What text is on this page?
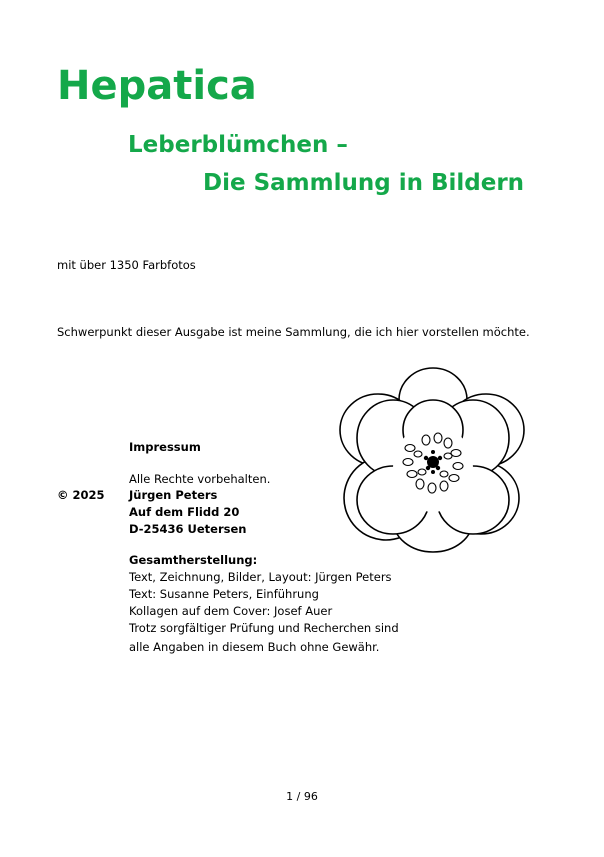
Hepatica
Leberblümchen –
Die Sammlung in Bildern
mit über 1350 Farbfotos
Schwerpunkt dieser Ausgabe ist meine Sammlung, die ich hier vorstellen möchte.
Impressum
Alle Rechte vorbehalten.
© 2025 Jürgen Peters
Auf dem Flidd 20
D-25436 Uetersen
Gesamtherstellung:
Text, Zeichnung, Bilder, Layout: Jürgen Peters
Text: Susanne Peters, Einführung
Kollagen auf dem Cover: Josef Auer
Trotz sorgfältiger Prüfung und Recherchen sind
alle Angaben in diesem Buch ohne Gewähr.
1 / 96
